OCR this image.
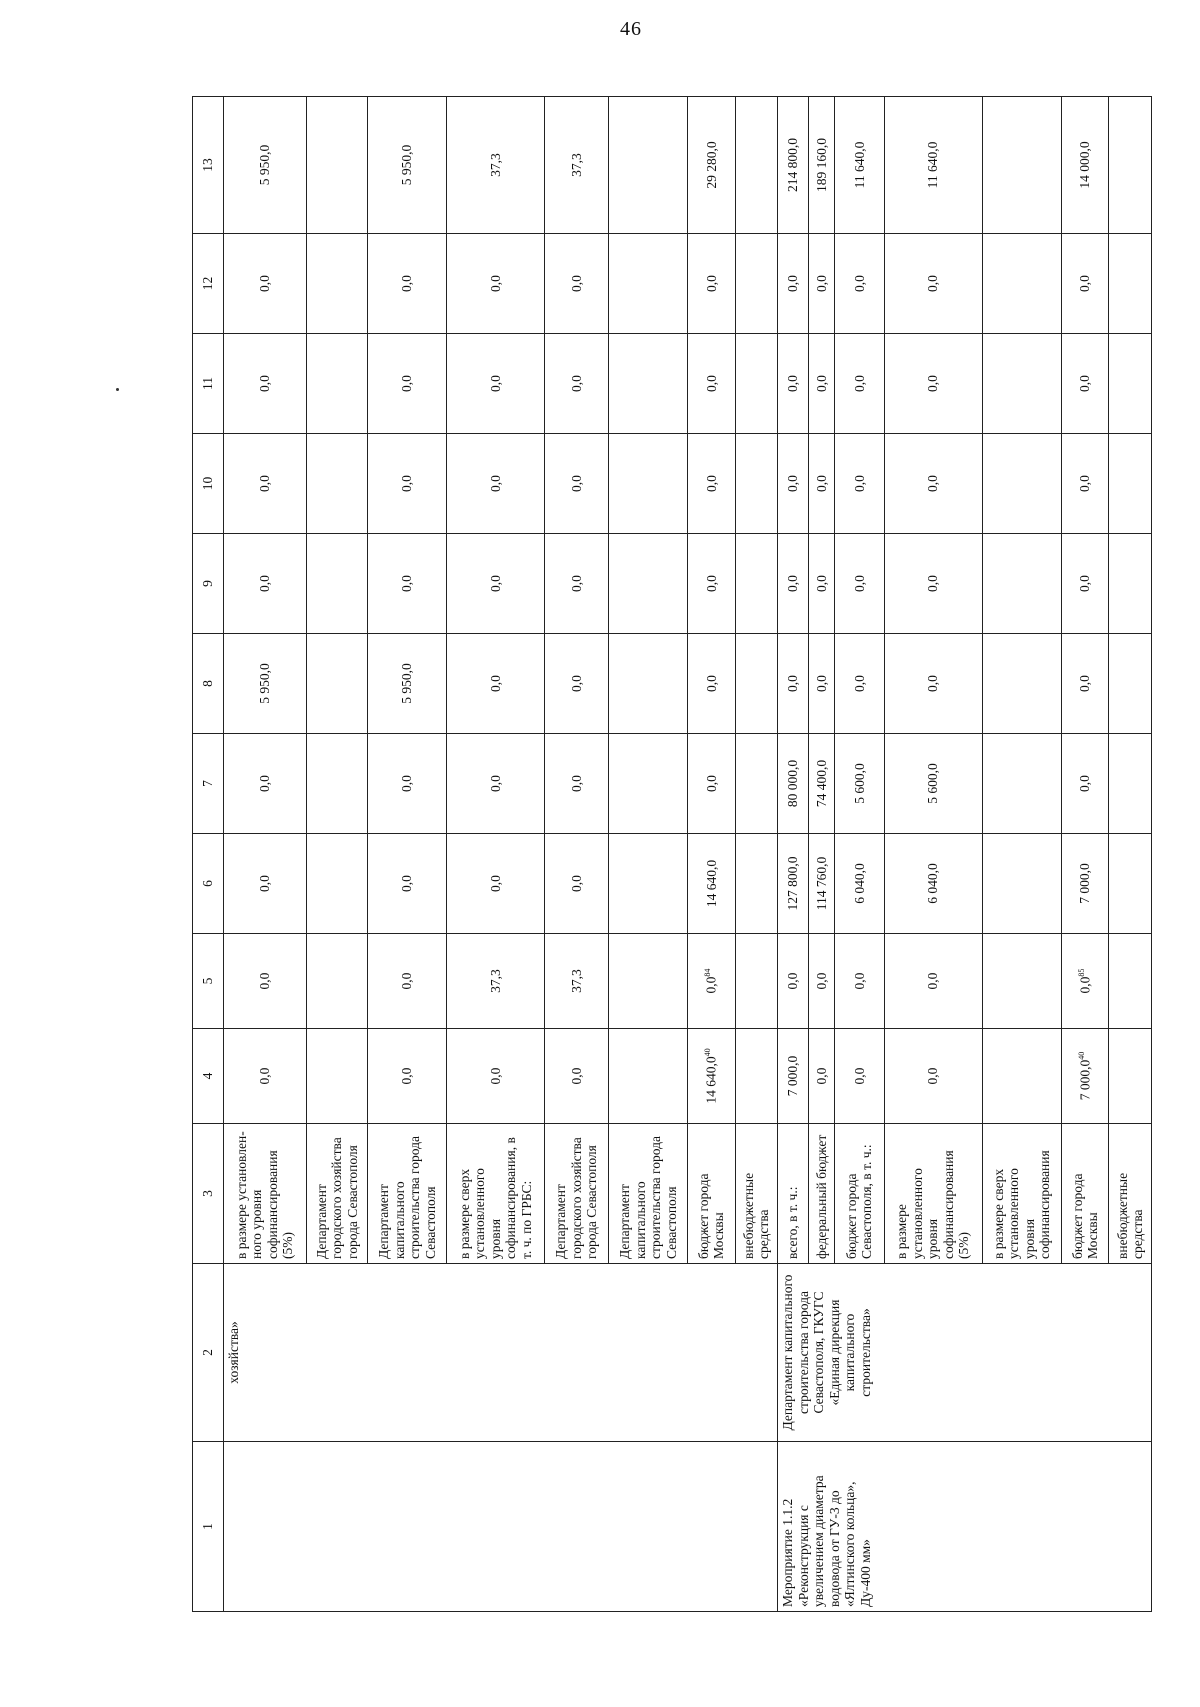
46
1	2	3	4	5	6	7	8	9	10	11	12	13
	хозяйства»	в размере установлен-ного уровня софинансирования (5%)	0,0	0,0	0,0	0,0	5 950,0	0,0	0,0	0,0	0,0	5 950,0
		Департамент городского хозяйства города Севастополя										
		Департамент капитального строительства города Севастополя	0,0	0,0	0,0	0,0	5 950,0	0,0	0,0	0,0	0,0	5 950,0
		в размере сверх установленного уровня софинансирования, в т. ч. по ГРБС:	0,0	37,3	0,0	0,0	0,0	0,0	0,0	0,0	0,0	37,3
		Департамент городского хозяйства города Севастополя	0,0	37,3	0,0	0,0	0,0	0,0	0,0	0,0	0,0	37,3
		Департамент капитального строительства города Севастополя										
		бюджет города Москвы	14 640,0$^{40}$	$0,0^{84}$	14 640,0	0,0	0,0	0,0	0,0	0,0	0,0	29 280,0
		внебюджетные средства										
Мероприятие 1.1.2 «Реконструкция с увеличением диаметра водовода от ГУ-3 до «Ялтинского кольца», Ду-400 мм»	Департамент капитального строительства города Севастополя, ГКУГС «Единая дирекция капитального строительства»	всего, в т. ч.:	7 000,0	0,0	127 800,0	80 000,0	0,0	0,0	0,0	0,0	0,0	214 800,0
		федеральный бюджет	0,0	0,0	114 760,0	74 400,0	0,0	0,0	0,0	0,0	0,0	189 160,0
		бюджет города Севастополя, в т. ч.:	0,0	0,0	6 040,0	5 600,0	0,0	0,0	0,0	0,0	0,0	11 640,0
		в размере установленного уровня софинансирования (5%)	0,0	0,0	6 040,0	5 600,0	0,0	0,0	0,0	0,0	0,0	11 640,0
		в размере сверх установленного уровня софинансирования										
		бюджет города Москвы	7 000,0$^{40}$	$0,0^{85}$	7 000,0	0,0	0,0	0,0	0,0	0,0	0,0	14 000,0
		внебюджетные средства										
